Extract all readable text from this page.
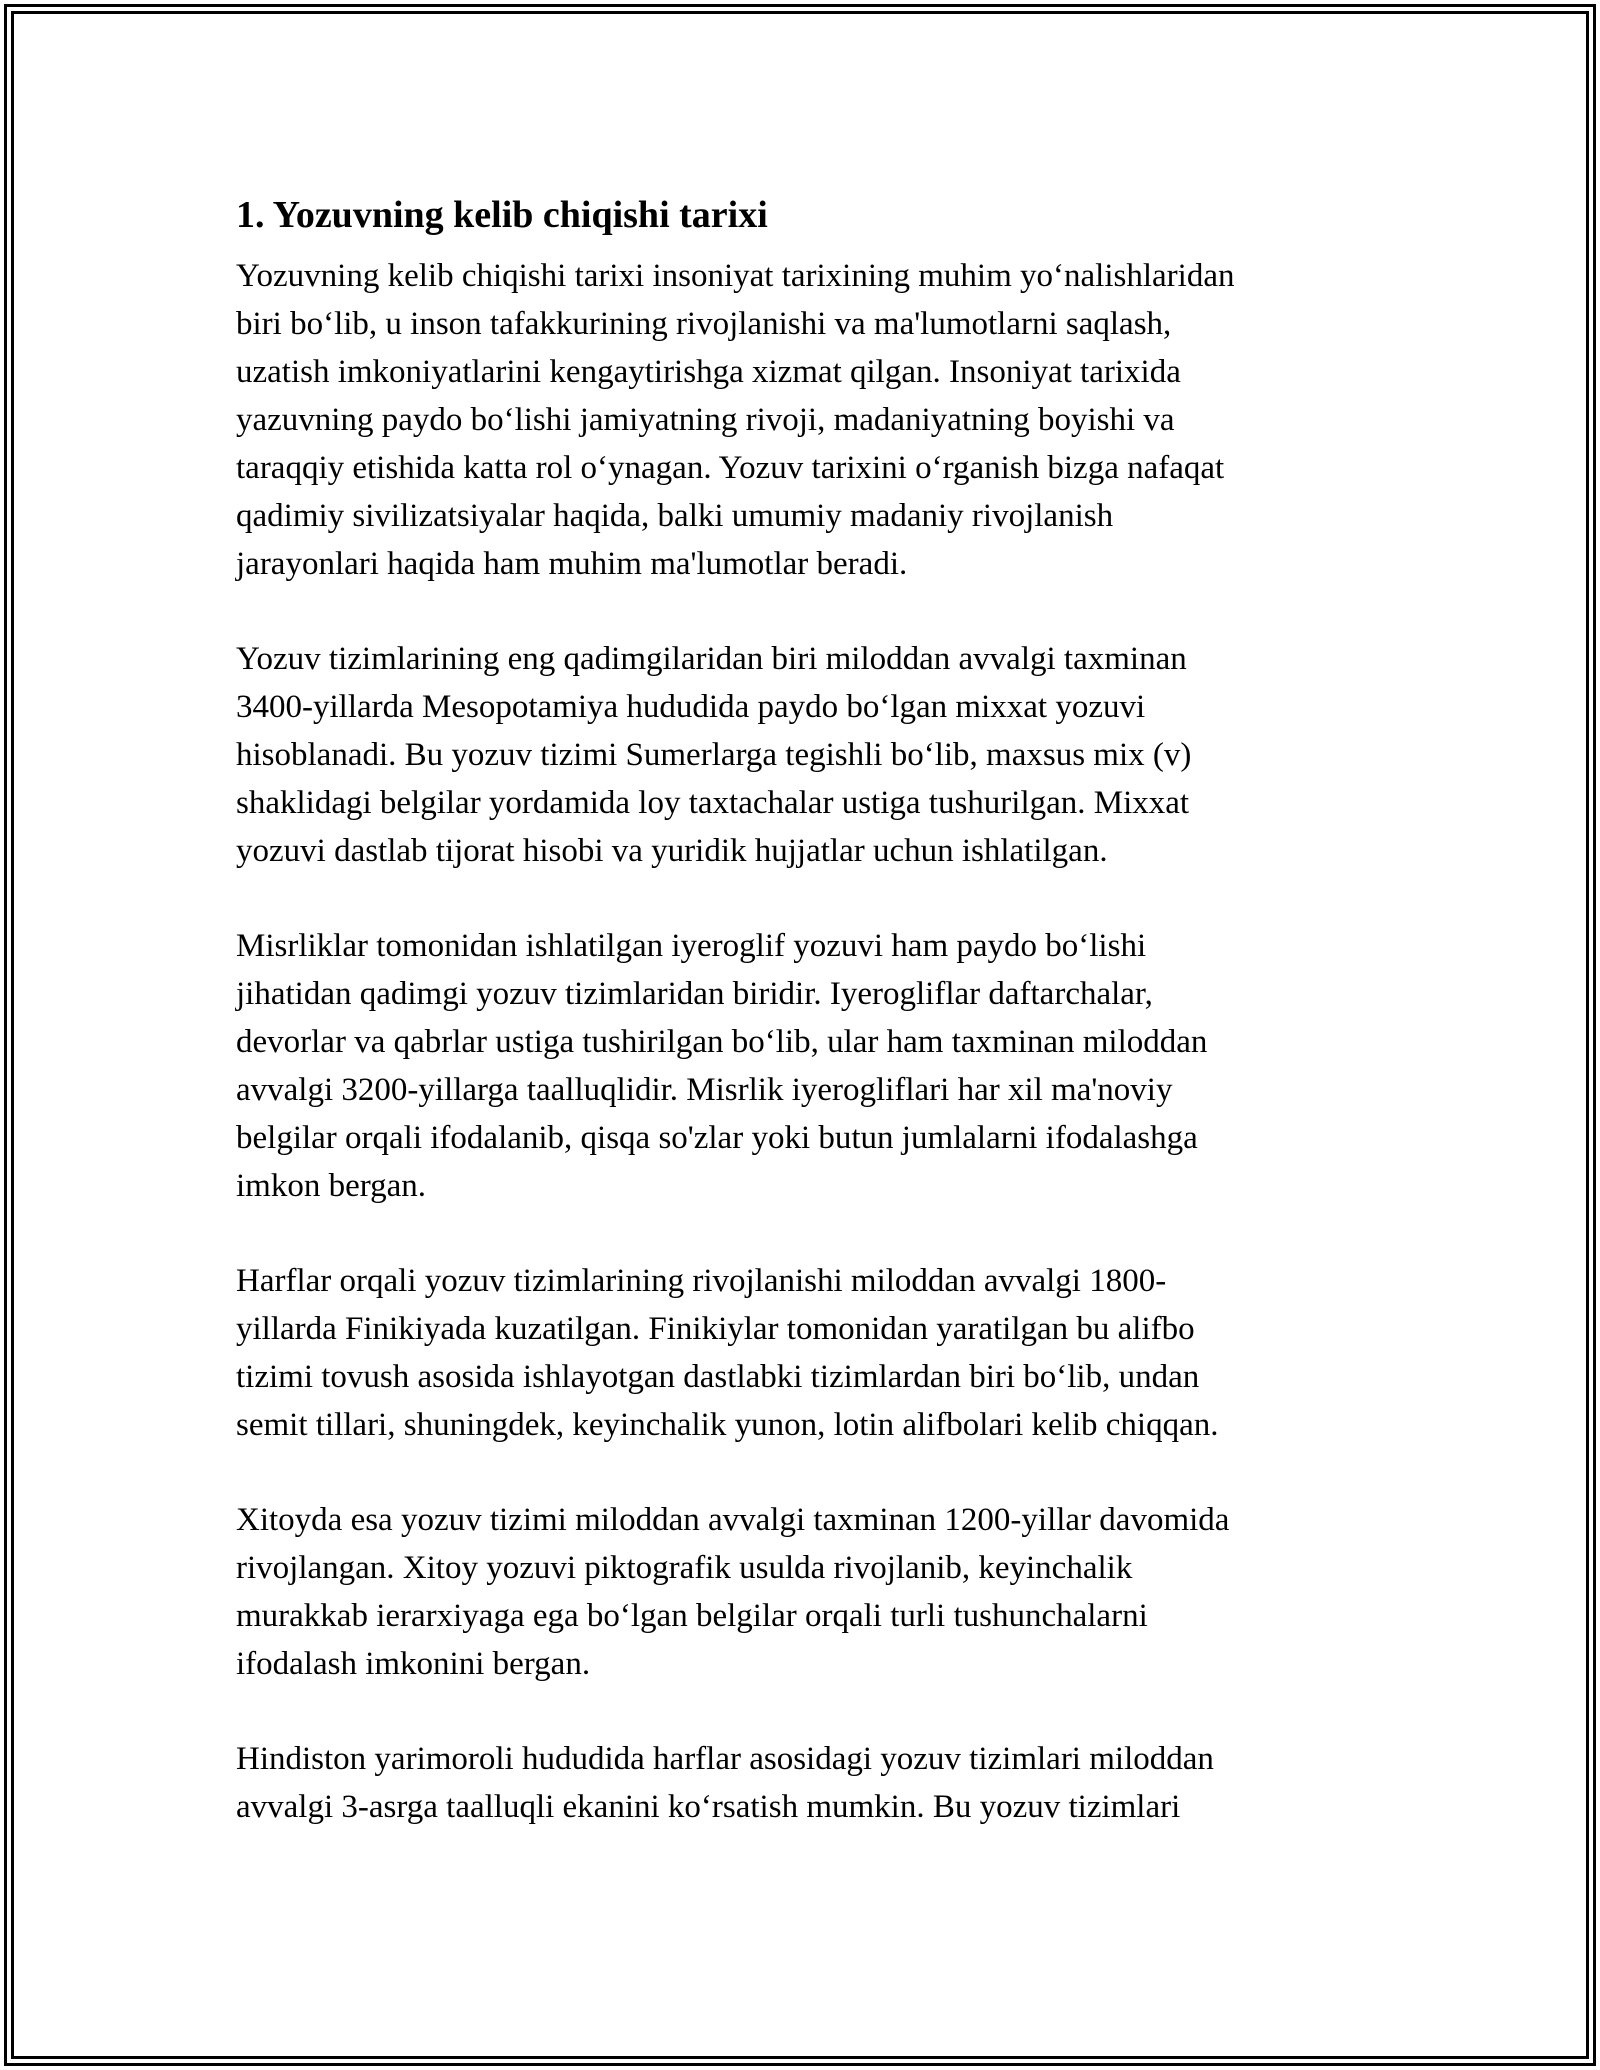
1. Yozuvning kelib chiqishi tarixi
Yozuvning kelib chiqishi tarixi insoniyat tarixining muhim yo‘nalishlaridan
biri bo‘lib, u inson tafakkurining rivojlanishi va ma'lumotlarni saqlash,
uzatish imkoniyatlarini kengaytirishga xizmat qilgan. Insoniyat tarixida
yazuvning paydo bo‘lishi jamiyatning rivoji, madaniyatning boyishi va
taraqqiy etishida katta rol o‘ynagan. Yozuv tarixini o‘rganish bizga nafaqat
qadimiy sivilizatsiyalar haqida, balki umumiy madaniy rivojlanish
jarayonlari haqida ham muhim ma'lumotlar beradi.
Yozuv tizimlarining eng qadimgilaridan biri miloddan avvalgi taxminan
3400-yillarda Mesopotamiya hududida paydo bo‘lgan mixxat yozuvi
hisoblanadi. Bu yozuv tizimi Sumerlarga tegishli bo‘lib, maxsus mix (v)
shaklidagi belgilar yordamida loy taxtachalar ustiga tushurilgan. Mixxat
yozuvi dastlab tijorat hisobi va yuridik hujjatlar uchun ishlatilgan.
Misrliklar tomonidan ishlatilgan iyeroglif yozuvi ham paydo bo‘lishi
jihatidan qadimgi yozuv tizimlaridan biridir. Iyerogliflar daftarchalar,
devorlar va qabrlar ustiga tushirilgan bo‘lib, ular ham taxminan miloddan
avvalgi 3200-yillarga taalluqlidir. Misrlik iyerogliflari har xil ma'noviy
belgilar orqali ifodalanib, qisqa so'zlar yoki butun jumlalarni ifodalashga
imkon bergan.
Harflar orqali yozuv tizimlarining rivojlanishi miloddan avvalgi 1800-
yillarda Finikiyada kuzatilgan. Finikiylar tomonidan yaratilgan bu alifbo
tizimi tovush asosida ishlayotgan dastlabki tizimlardan biri bo‘lib, undan
semit tillari, shuningdek, keyinchalik yunon, lotin alifbolari kelib chiqqan.
Xitoyda esa yozuv tizimi miloddan avvalgi taxminan 1200-yillar davomida
rivojlangan. Xitoy yozuvi piktografik usulda rivojlanib, keyinchalik
murakkab ierarxiyaga ega bo‘lgan belgilar orqali turli tushunchalarni
ifodalash imkonini bergan.
Hindiston yarimoroli hududida harflar asosidagi yozuv tizimlari miloddan
avvalgi 3-asrga taalluqli ekanini ko‘rsatish mumkin. Bu yozuv tizimlari
